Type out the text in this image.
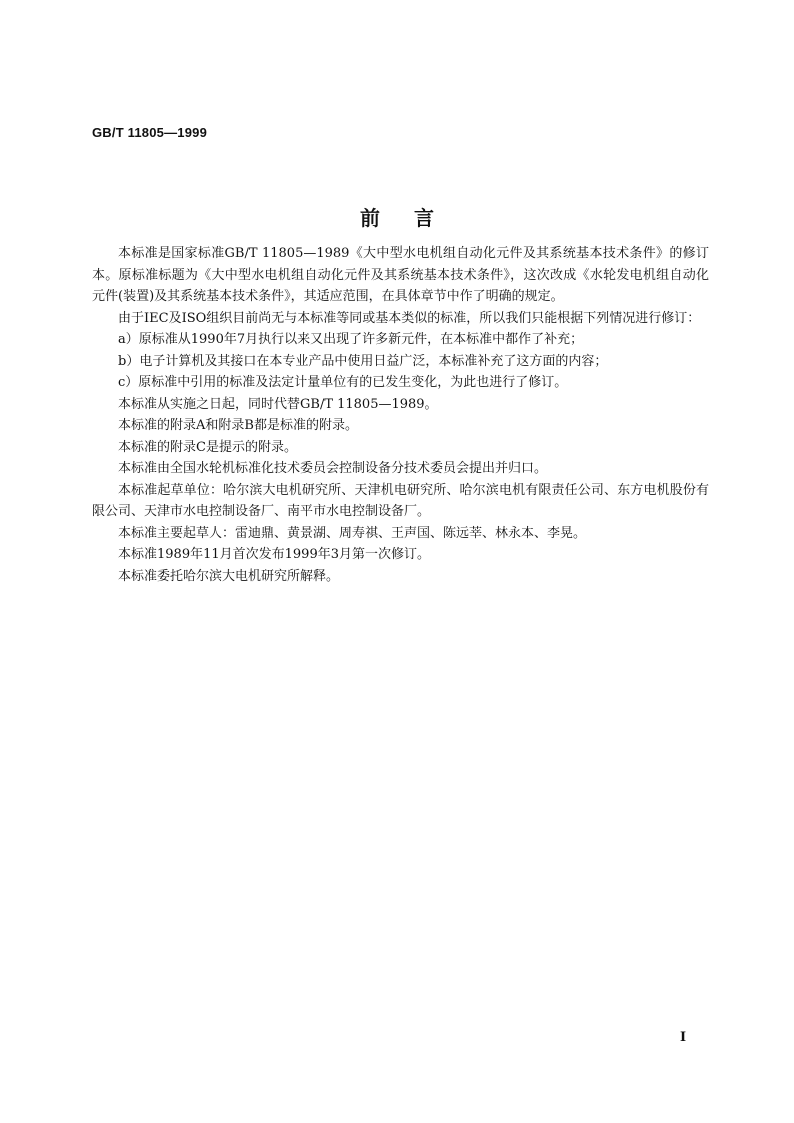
GB/T 11805—1999
前言

本标准是国家标准GB/T 11805—1989《大中型水电机组自动化元件及其系统基本技术条件》的修订本。原标准标题为《大中型水电机组自动化元件及其系统基本技术条件》，这次改成《水轮发电机组自动化元件(装置)及其系统基本技术条件》，其适应范围，在具体章节中作了明确的规定。

由于IEC及ISO组织目前尚无与本标准等同或基本类似的标准，所以我们只能根据下列情况进行修订：

a）原标准从1990年7月执行以来又出现了许多新元件，在本标准中都作了补充；

b）电子计算机及其接口在本专业产品中使用日益广泛，本标准补充了这方面的内容；

c）原标准中引用的标准及法定计量单位有的已发生变化，为此也进行了修订。

本标准从实施之日起，同时代替GB/T 11805—1989。

本标准的附录A和附录B都是标准的附录。

本标准的附录C是提示的附录。

本标准由全国水轮机标准化技术委员会控制设备分技术委员会提出并归口。

本标准起草单位：哈尔滨大电机研究所、天津机电研究所、哈尔滨电机有限责任公司、东方电机股份有限公司、天津市水电控制设备厂、南平市水电控制设备厂。

本标准主要起草人：雷迪鼎、黄景湖、周寿祺、王声国、陈远莘、林永本、李晃。

本标准1989年11月首次发布1999年3月第一次修订。

本标准委托哈尔滨大电机研究所解释。

I
